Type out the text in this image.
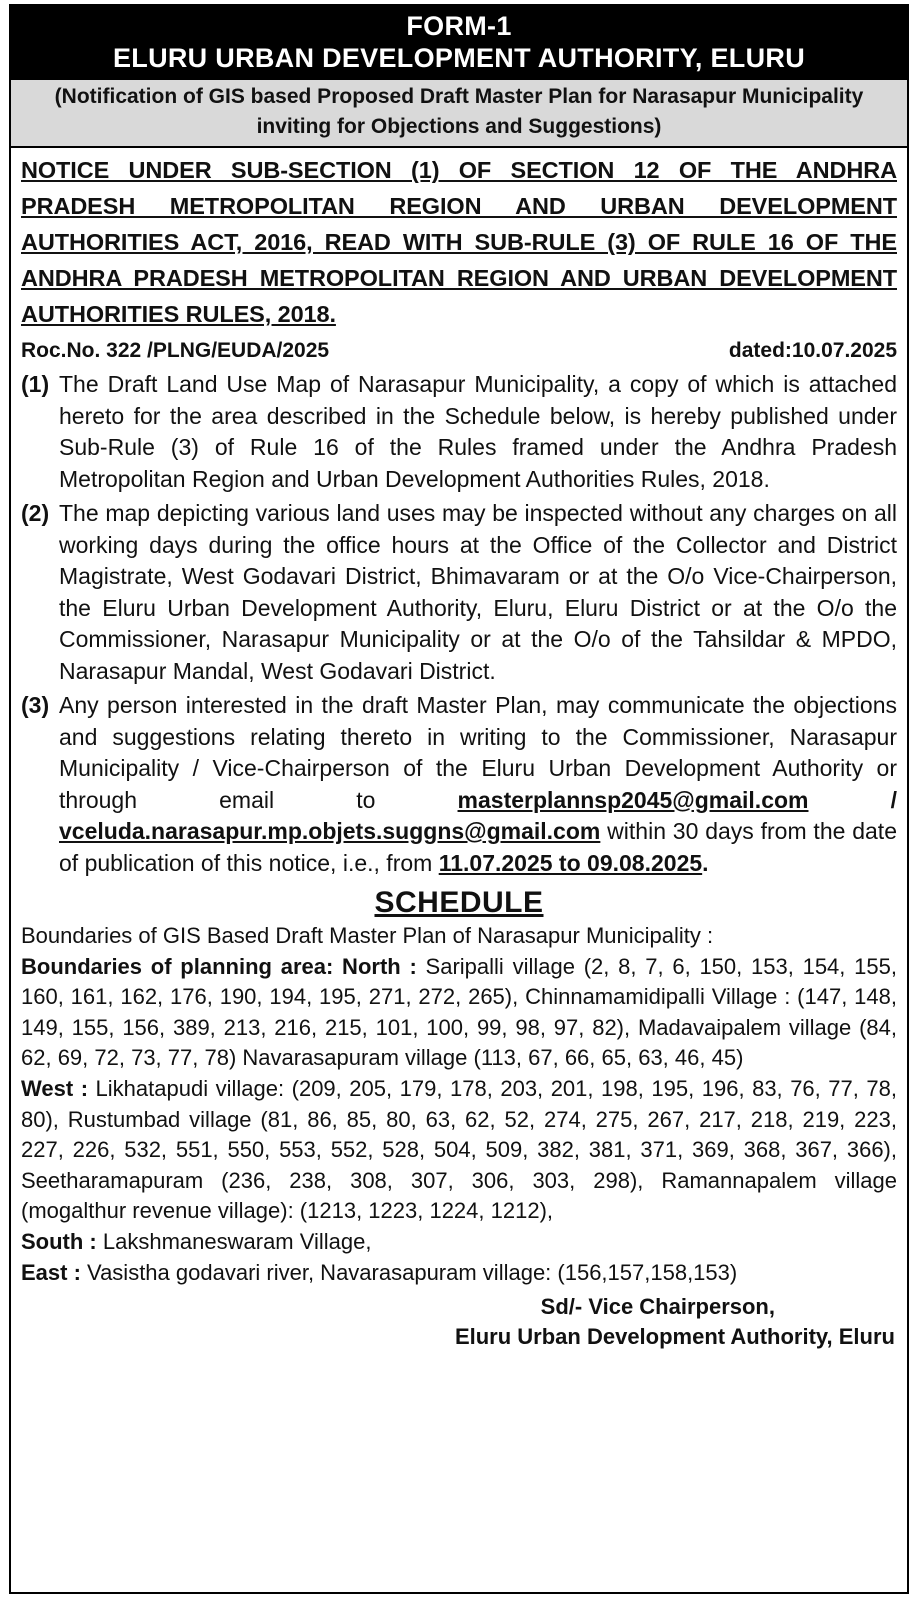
FORM-1
ELURU URBAN DEVELOPMENT AUTHORITY, ELURU
(Notification of GIS based Proposed Draft Master Plan for Narasapur Municipality inviting for Objections and Suggestions)
NOTICE UNDER SUB-SECTION (1) OF SECTION 12 OF THE ANDHRA PRADESH METROPOLITAN REGION AND URBAN DEVELOPMENT AUTHORITIES ACT, 2016, READ WITH SUB-RULE (3) OF RULE 16 OF THE ANDHRA PRADESH METROPOLITAN REGION AND URBAN DEVELOPMENT AUTHORITIES RULES, 2018.
Roc.No. 322 /PLNG/EUDA/2025	dated:10.07.2025
(1) The Draft Land Use Map of Narasapur Municipality, a copy of which is attached hereto for the area described in the Schedule below, is hereby published under Sub-Rule (3) of Rule 16 of the Rules framed under the Andhra Pradesh Metropolitan Region and Urban Development Authorities Rules, 2018.
(2) The map depicting various land uses may be inspected without any charges on all working days during the office hours at the Office of the Collector and District Magistrate, West Godavari District, Bhimavaram or at the O/o Vice-Chairperson, the Eluru Urban Development Authority, Eluru, Eluru District or at the O/o the Commissioner, Narasapur Municipality or at the O/o of the Tahsildar & MPDO, Narasapur Mandal, West Godavari District.
(3) Any person interested in the draft Master Plan, may communicate the objections and suggestions relating thereto in writing to the Commissioner, Narasapur Municipality / Vice-Chairperson of the Eluru Urban Development Authority or through email to	masterplannsp2045@gmail.com / vceluda.narasapur.mp.objets.suggns@gmail.com within 30 days from the date of publication of this notice, i.e., from 11.07.2025 to 09.08.2025.
SCHEDULE
Boundaries of GIS Based Draft Master Plan of Narasapur Municipality :
Boundaries of planning area: North : Saripalli village (2, 8, 7, 6, 150, 153, 154, 155, 160, 161, 162, 176, 190, 194, 195, 271, 272, 265), Chinnamamidipalli Village : (147, 148, 149, 155, 156, 389, 213, 216, 215, 101, 100, 99, 98, 97, 82), Madavaipalem village (84, 62, 69, 72, 73, 77, 78) Navarasapuram village (113, 67, 66, 65, 63, 46, 45)
West : Likhatapudi village: (209, 205, 179, 178, 203, 201, 198, 195, 196, 83, 76, 77, 78, 80), Rustumbad village (81, 86, 85, 80, 63, 62, 52, 274, 275, 267, 217, 218, 219, 223, 227, 226, 532, 551, 550, 553, 552, 528, 504, 509, 382, 381, 371, 369, 368, 367, 366), Seetharamapuram (236, 238, 308, 307, 306, 303, 298), Ramannapalem village (mogalthur revenue village): (1213, 1223, 1224, 1212),
South : Lakshmaneswaram Village,
East : Vasistha godavari river, Navarasapuram village: (156,157,158,153)
Sd/- Vice Chairperson,
Eluru Urban Development Authority, Eluru
